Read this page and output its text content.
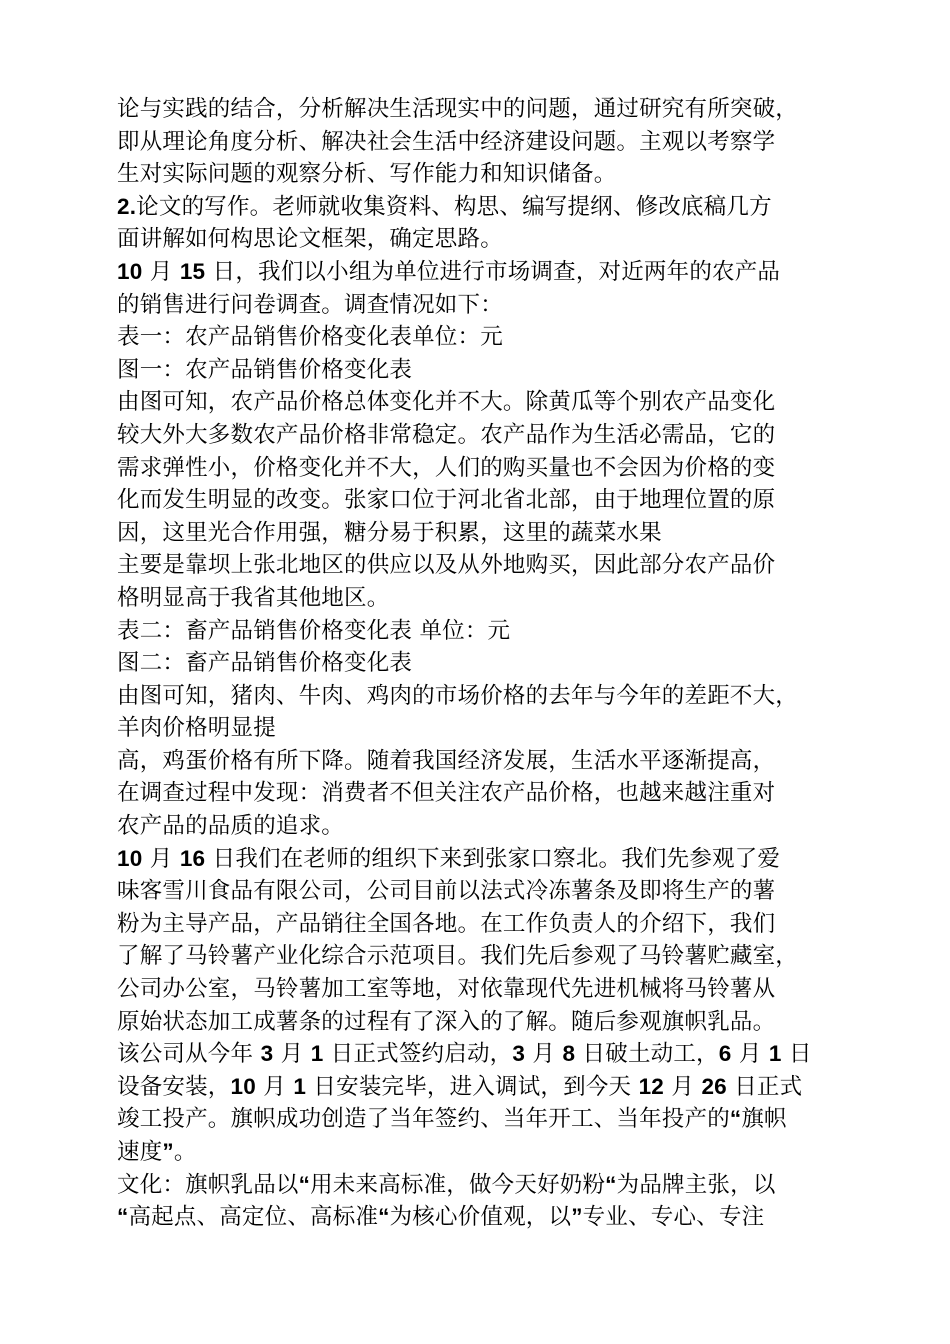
论与实践的结合，分析解决生活现实中的问题，通过研究有所突破，
即从理论角度分析、解决社会生活中经济建设问题。主观以考察学
生对实际问题的观察分析、写作能力和知识储备。
2.论文的写作。老师就收集资料、构思、编写提纲、修改底稿几方
面讲解如何构思论文框架，确定思路。
10 月 15 日，我们以小组为单位进行市场调查，对近两年的农产品
的销售进行问卷调查。调查情况如下：
表一：农产品销售价格变化表单位：元
图一：农产品销售价格变化表
由图可知，农产品价格总体变化并不大。除黄瓜等个别农产品变化
较大外大多数农产品价格非常稳定。农产品作为生活必需品，它的
需求弹性小，价格变化并不大，人们的购买量也不会因为价格的变
化而发生明显的改变。张家口位于河北省北部，由于地理位置的原
因，这里光合作用强，糖分易于积累，这里的蔬菜水果
主要是靠坝上张北地区的供应以及从外地购买，因此部分农产品价
格明显高于我省其他地区。
表二：畜产品销售价格变化表 单位：元
图二：畜产品销售价格变化表
由图可知，猪肉、牛肉、鸡肉的市场价格的去年与今年的差距不大，
羊肉价格明显提
高，鸡蛋价格有所下降。随着我国经济发展，生活水平逐渐提高，
在调查过程中发现：消费者不但关注农产品价格，也越来越注重对
农产品的品质的追求。
10 月 16 日我们在老师的组织下来到张家口察北。我们先参观了爱
味客雪川食品有限公司，公司目前以法式冷冻薯条及即将生产的薯
粉为主导产品，产品销往全国各地。在工作负责人的介绍下，我们
了解了马铃薯产业化综合示范项目。我们先后参观了马铃薯贮藏室，
公司办公室，马铃薯加工室等地，对依靠现代先进机械将马铃薯从
原始状态加工成薯条的过程有了深入的了解。随后参观旗帜乳品。
该公司从今年 3 月 1 日正式签约启动，3 月 8 日破土动工，6 月 1 日
设备安装，10 月 1 日安装完毕，进入调试，到今天 12 月 26 日正式
竣工投产。旗帜成功创造了当年签约、当年开工、当年投产的“旗帜
速度”。
文化：旗帜乳品以“用未来高标准，做今天好奶粉“为品牌主张，以
“高起点、高定位、高标准“为核心价值观，以”专业、专心、专注
